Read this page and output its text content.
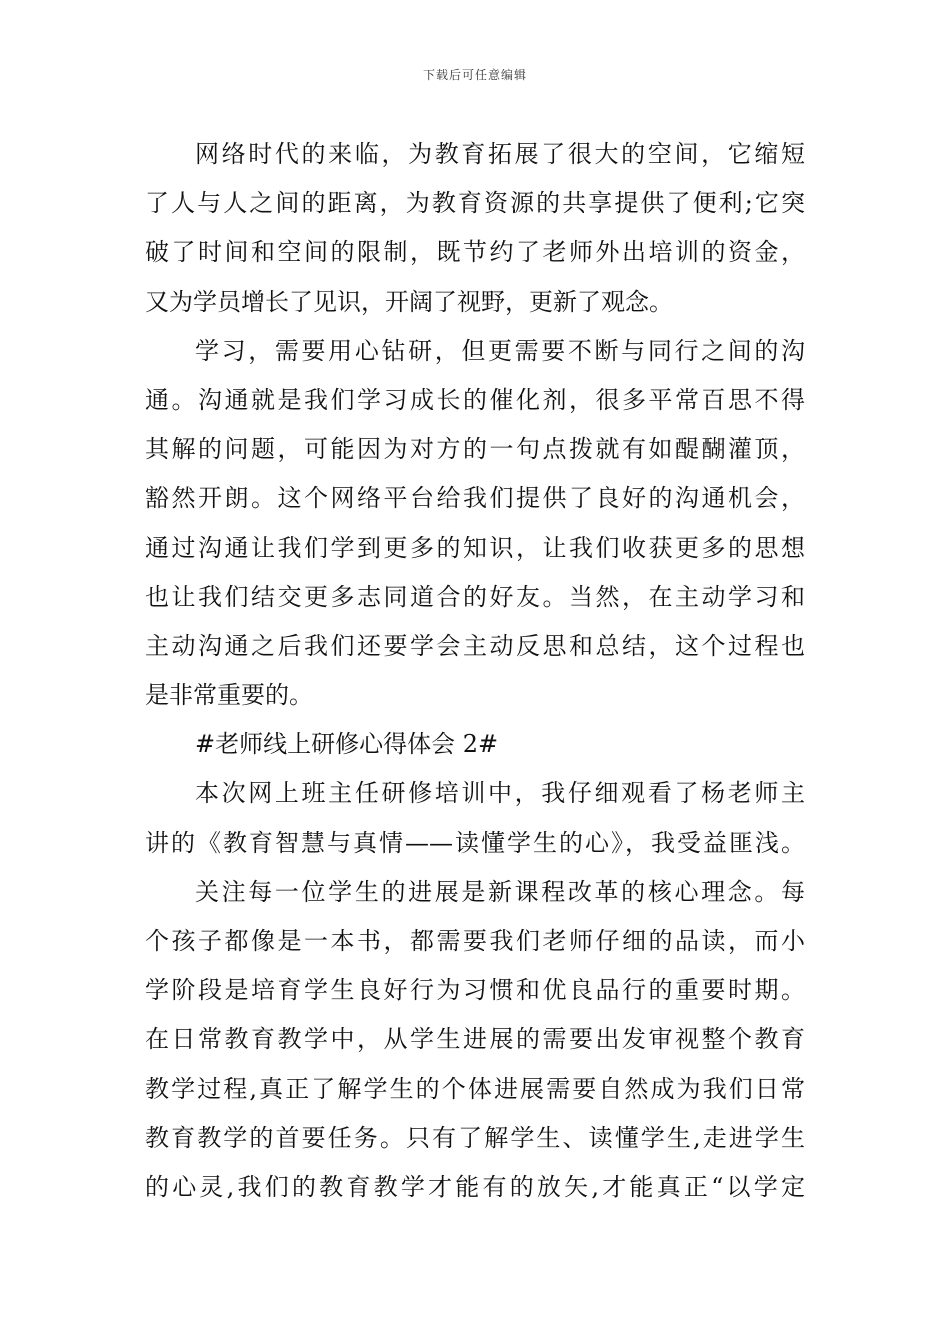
下载后可任意编辑
网络时代的来临，为教育拓展了很大的空间，它缩短
了人与人之间的距离，为教育资源的共享提供了便利;它突
破了时间和空间的限制，既节约了老师外出培训的资金，
又为学员增长了见识，开阔了视野，更新了观念。
学习，需要用心钻研，但更需要不断与同行之间的沟
通。沟通就是我们学习成长的催化剂，很多平常百思不得
其解的问题，可能因为对方的一句点拨就有如醍醐灌顶，
豁然开朗。这个网络平台给我们提供了良好的沟通机会，
通过沟通让我们学到更多的知识，让我们收获更多的思想
也让我们结交更多志同道合的好友。当然，在主动学习和
主动沟通之后我们还要学会主动反思和总结，这个过程也
是非常重要的。
#老师线上研修心得体会 2#
本次网上班主任研修培训中，我仔细观看了杨老师主
讲的《教育智慧与真情——读懂学生的心》，我受益匪浅。
关注每一位学生的进展是新课程改革的核心理念。每
个孩子都像是一本书，都需要我们老师仔细的品读，而小
学阶段是培育学生良好行为习惯和优良品行的重要时期。
在日常教育教学中，从学生进展的需要出发审视整个教育
教学过程,真正了解学生的个体进展需要自然成为我们日常
教育教学的首要任务。只有了解学生、读懂学生,走进学生
的心灵,我们的教育教学才能有的放矢,才能真正“以学定
